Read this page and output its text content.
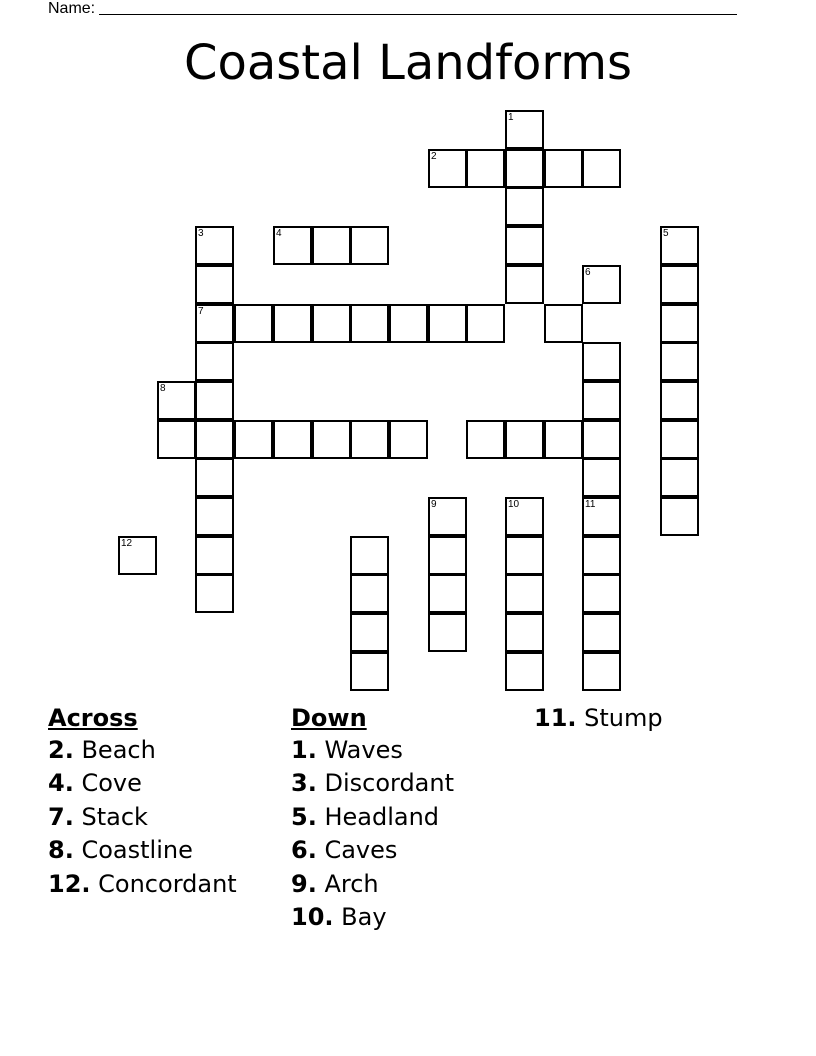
Name:
Coastal Landforms
1
2
3
7
4
6
11
5
8
9	10
12
Across
2. Beach
4. Cove
7. Stack
8. Coastline
12. Concordant
Down
1. Waves
3. Discordant
5. Headland
6. Caves
9. Arch
10. Bay
11. Stump
